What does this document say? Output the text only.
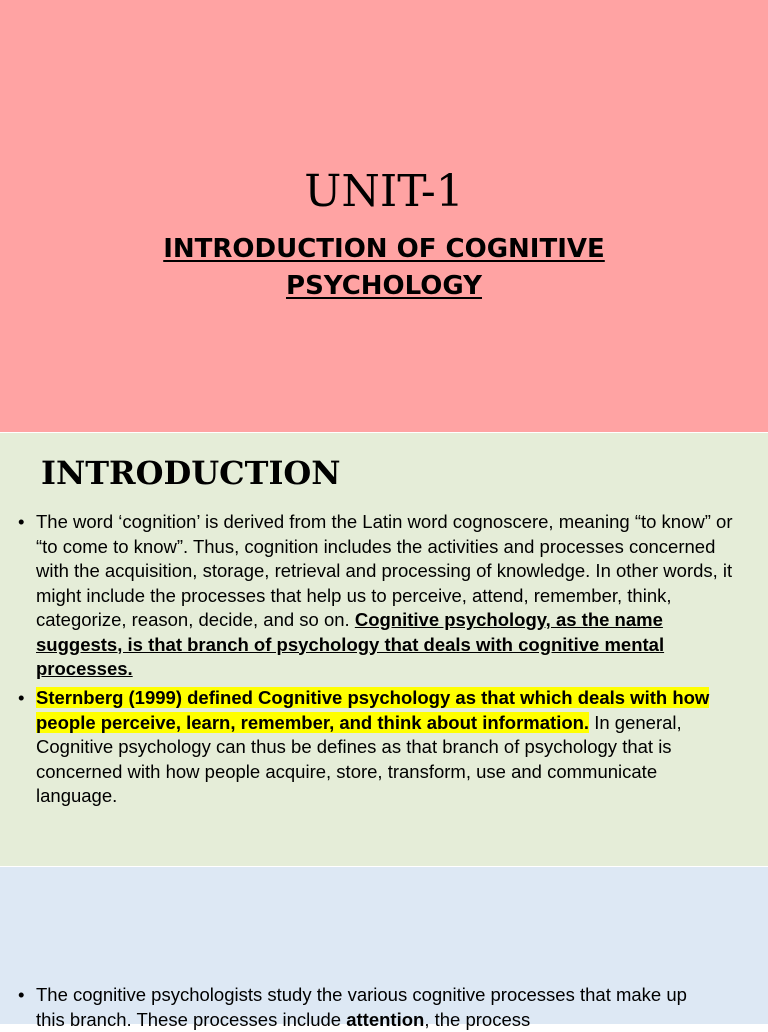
UNIT-1
INTRODUCTION OF COGNITIVE PSYCHOLOGY
INTRODUCTION
• The word ‘cognition’ is derived from the Latin word cognoscere, meaning “to know” or “to come to know”. Thus, cognition includes the activities and processes concerned with the acquisition, storage, retrieval and processing of knowledge. In other words, it might include the processes that help us to perceive, attend, remember, think, categorize, reason, decide, and so on. Cognitive psychology, as the name suggests, is that branch of psychology that deals with cognitive mental processes.
• Sternberg (1999) defined Cognitive psychology as that which deals with how people perceive, learn, remember, and think about information. In general, Cognitive psychology can thus be defines as that branch of psychology that is concerned with how people acquire, store, transform, use and communicate language.
• The cognitive psychologists study the various cognitive processes that make up this branch. These processes include attention, the process
